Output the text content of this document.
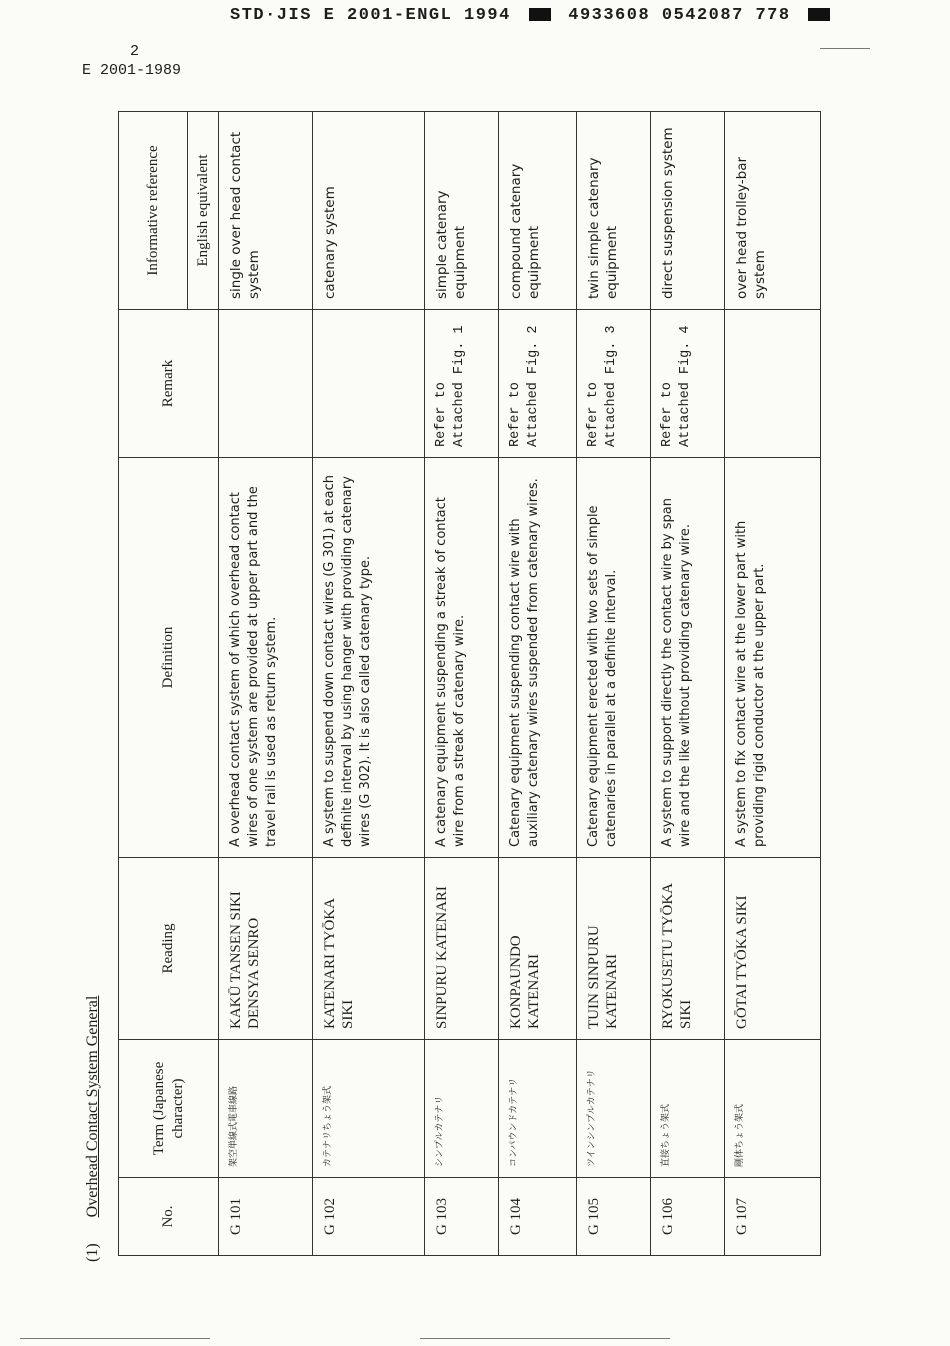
STD·JIS E 2001-ENGL 1994	4933608 0542087 778
2
E 2001-1989
(1) Overhead Contact System General	No.	Term (Japanese character)	Reading	Definition	Remark	Informative reference
					English equivalent
G 101	架空単線式電車線路	KAKŪ TANSEN SIKI DENSYA SENRO	A overhead contact system of which overhead contact wires of one system are provided at upper part and the travel rail is used as return system.		single over head contact system
G 102	カテナリちょう架式	KATENARI TYŌKA SIKI	A system to suspend down contact wires (G 301) at each definite interval by using hanger with providing catenary wires (G 302). It is also called catenary type.		catenary system
G 103	シンプルカテナリ	SINPURU KATENARI	A catenary equipment suspending a streak of contact wire from a streak of catenary wire.	Refer to Attached Fig. 1	simple catenary equipment
G 104	コンパウンドカテナリ	KONPAUNDO KATENARI	Catenary equipment suspending contact wire with auxiliary catenary wires suspended from catenary wires.	Refer to Attached Fig. 2	compound catenary equipment
G 105	ツインシンプルカテナリ	TUIN SINPURU KATENARI	Catenary equipment erected with two sets of simple catenaries in parallel at a definite interval.	Refer to Attached Fig. 3	twin simple catenary equipment
G 106	直接ちょう架式	RYOKUSETU TYŌKA SIKI	A system to support directly the contact wire by span wire and the like without providing catenary wire.	Refer to Attached Fig. 4	direct suspension system
G 107	剛体ちょう架式	GŌTAI TYŌKA SIKI	A system to fix contact wire at the lower part with providing rigid conductor at the upper part.		over head trolley-bar system
